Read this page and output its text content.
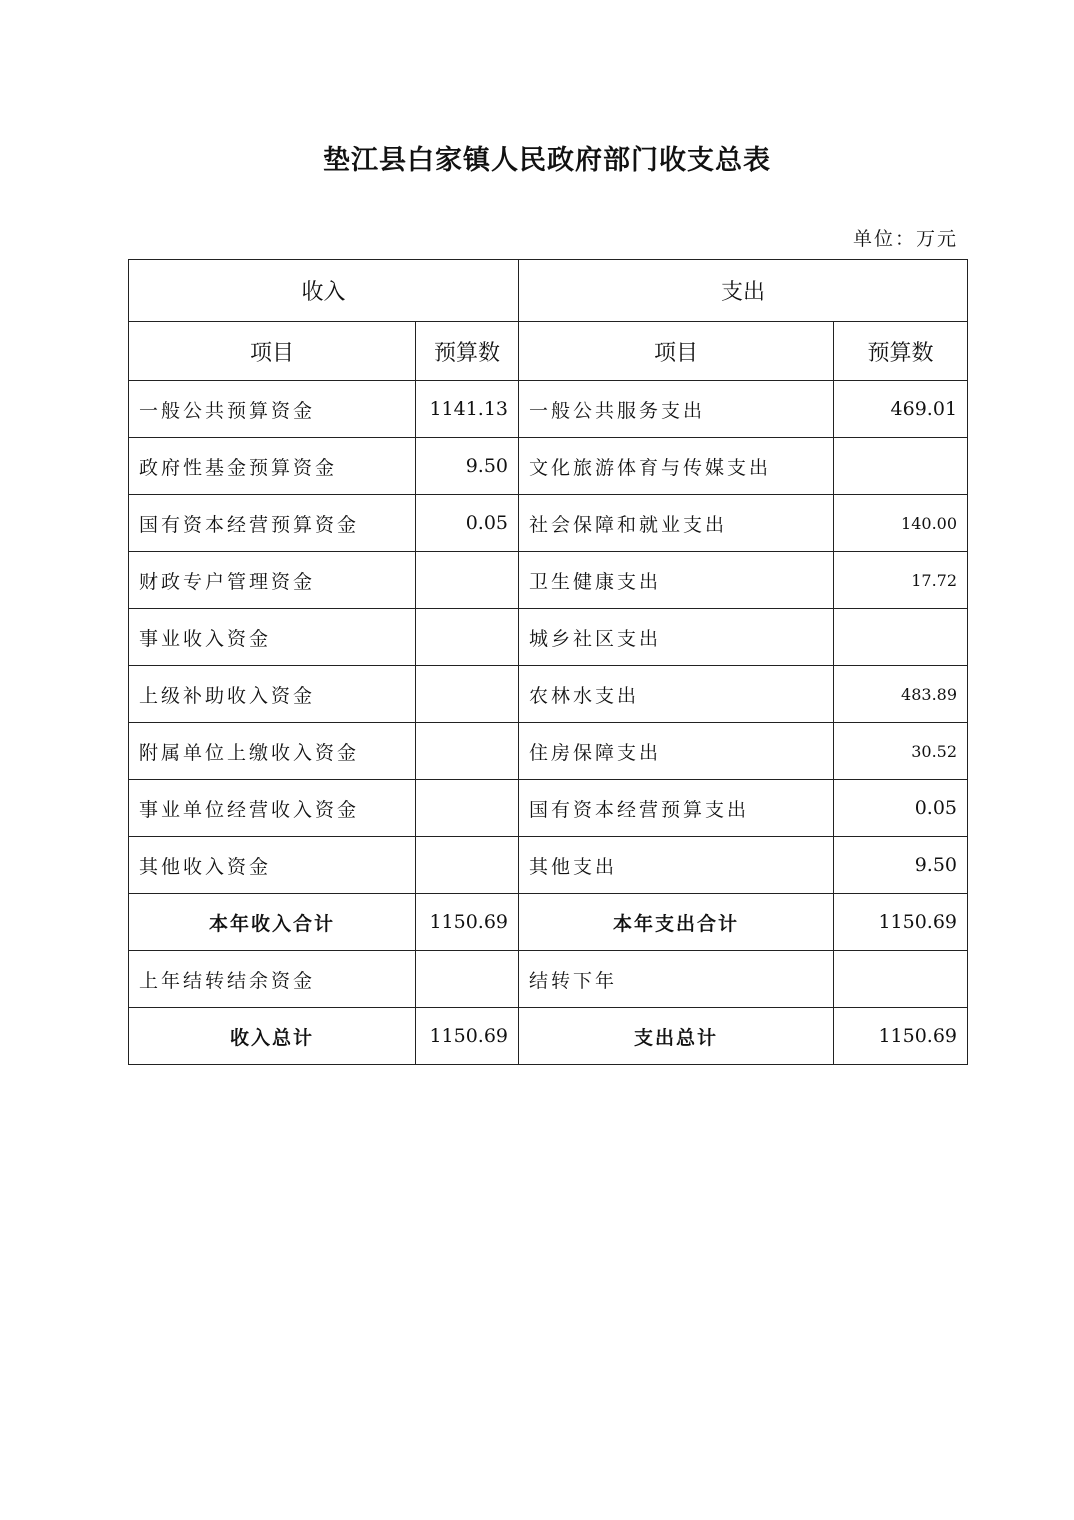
垫江县白家镇人民政府部门收支总表
单位：万元
收入		支出	
项目	预算数	项目	预算数
一般公共预算资金	1141.13	一般公共服务支出	469.01
政府性基金预算资金	9.50	文化旅游体育与传媒支出	
国有资本经营预算资金	0.05	社会保障和就业支出	140.00
财政专户管理资金		卫生健康支出	17.72
事业收入资金		城乡社区支出	
上级补助收入资金		农林水支出	483.89
附属单位上缴收入资金		住房保障支出	30.52
事业单位经营收入资金		国有资本经营预算支出	0.05
其他收入资金		其他支出	9.50
本年收入合计	1150.69	本年支出合计	1150.69
上年结转结余资金		结转下年	
收入总计	1150.69	支出总计	1150.69
